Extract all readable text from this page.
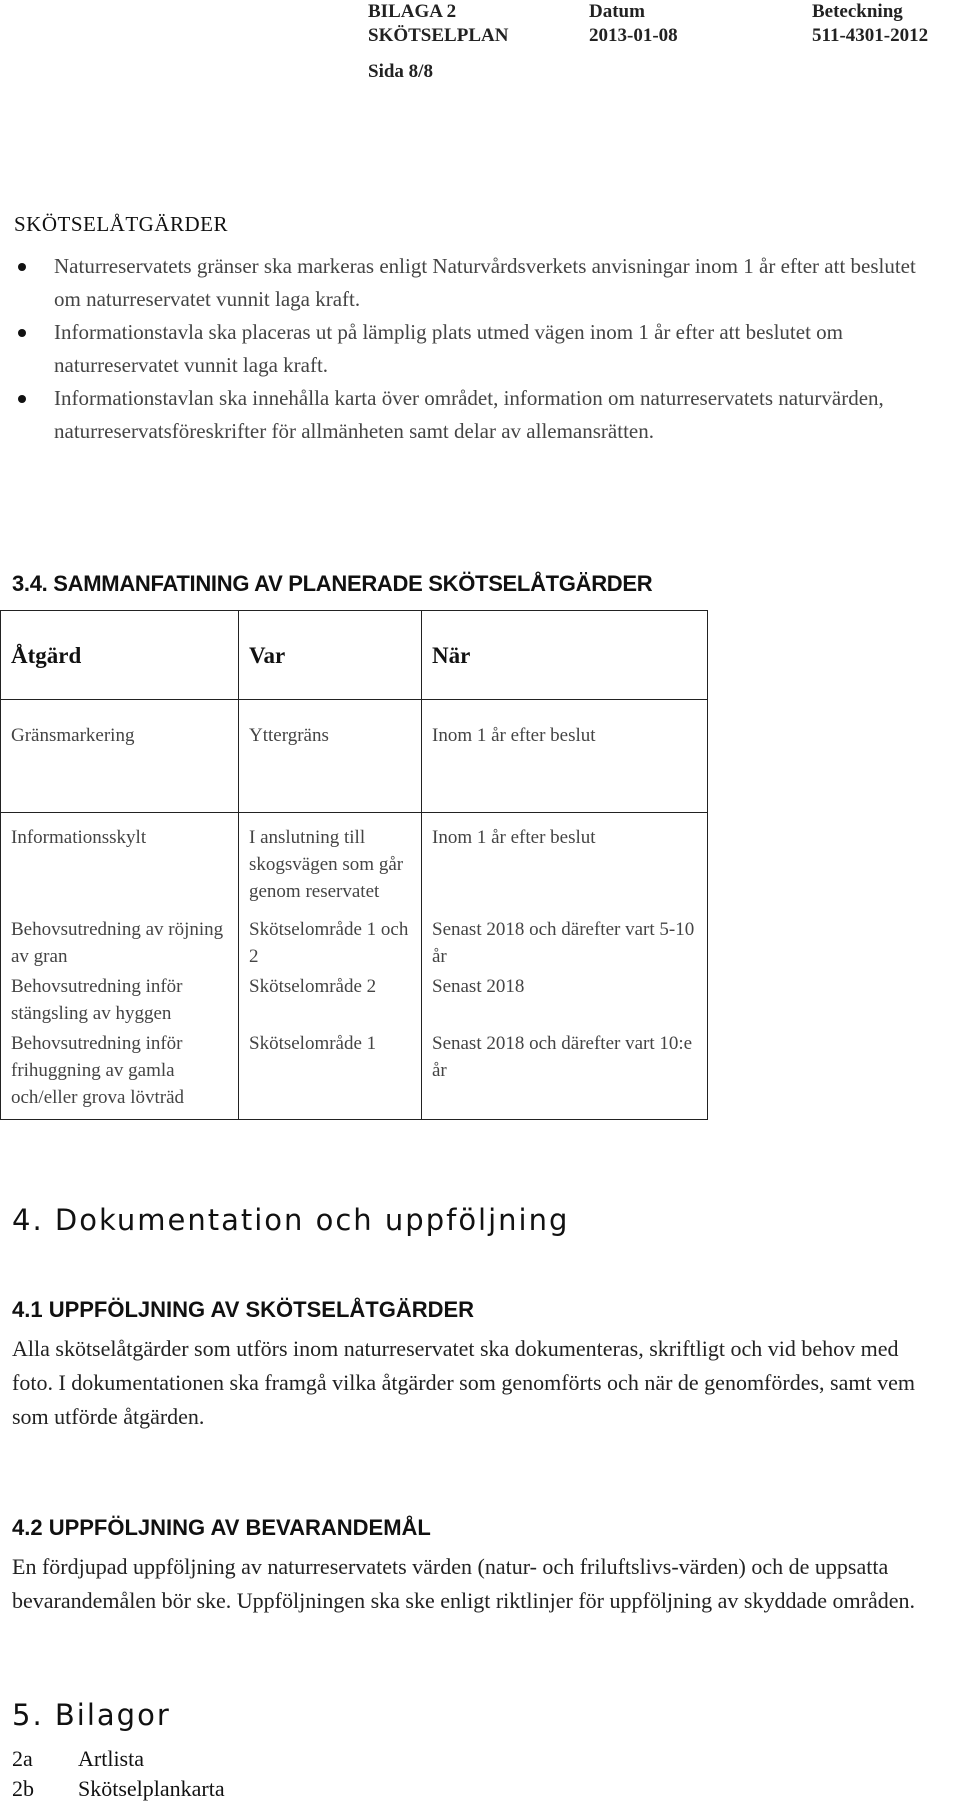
BILAGA 2
SKÖTSELPLAN
Datum
2013-01-08
Beteckning
511-4301-2012
Sida 8/8
SKÖTSELÅTGÄRDER
Naturreservatets gränser ska markeras enligt Naturvårdsverkets anvisningar inom 1 år efter att beslutet om naturreservatet vunnit laga kraft.
Informationstavla ska placeras ut på lämplig plats utmed vägen inom 1 år efter att beslutet om naturreservatet vunnit laga kraft.
Informationstavlan ska innehålla karta över området, information om naturreservatets naturvärden, naturreservatsföreskrifter för allmänheten samt delar av allemansrätten.
3.4. SAMMANFATINING AV PLANERADE SKÖTSELÅTGÄRDER
Åtgärd	Var	När
Gränsmarkering	Yttergräns	Inom 1 år efter beslut
Informationsskylt	I anslutning till skogsvägen som går genom reservatet	Inom 1 år efter beslut
Behovsutredning av röjning av gran	Skötselområde 1 och 2	Senast 2018 och därefter vart 5-10 år
Behovsutredning inför stängsling av hyggen	Skötselområde 2	Senast 2018
Behovsutredning inför frihuggning av gamla och/eller grova lövträd	Skötselområde 1	Senast 2018 och därefter vart 10:e år
4. Dokumentation och uppföljning
4.1 UPPFÖLJNING AV SKÖTSELÅTGÄRDER

Alla skötselåtgärder som utförs inom naturreservatet ska dokumenteras, skriftligt och vid behov med foto. I dokumentationen ska framgå vilka åtgärder som genomförts och när de genomfördes, samt vem som utförde åtgärden.

4.2 UPPFÖLJNING AV BEVARANDEMÅL

En fördjupad uppföljning av naturreservatets värden (natur- och friluftslivs-värden) och de uppsatta bevarandemålen bör ske. Uppföljningen ska ske enligt riktlinjer för uppföljning av skyddade områden.

5. Bilagor
2a Artlista
2b Skötselplankarta
